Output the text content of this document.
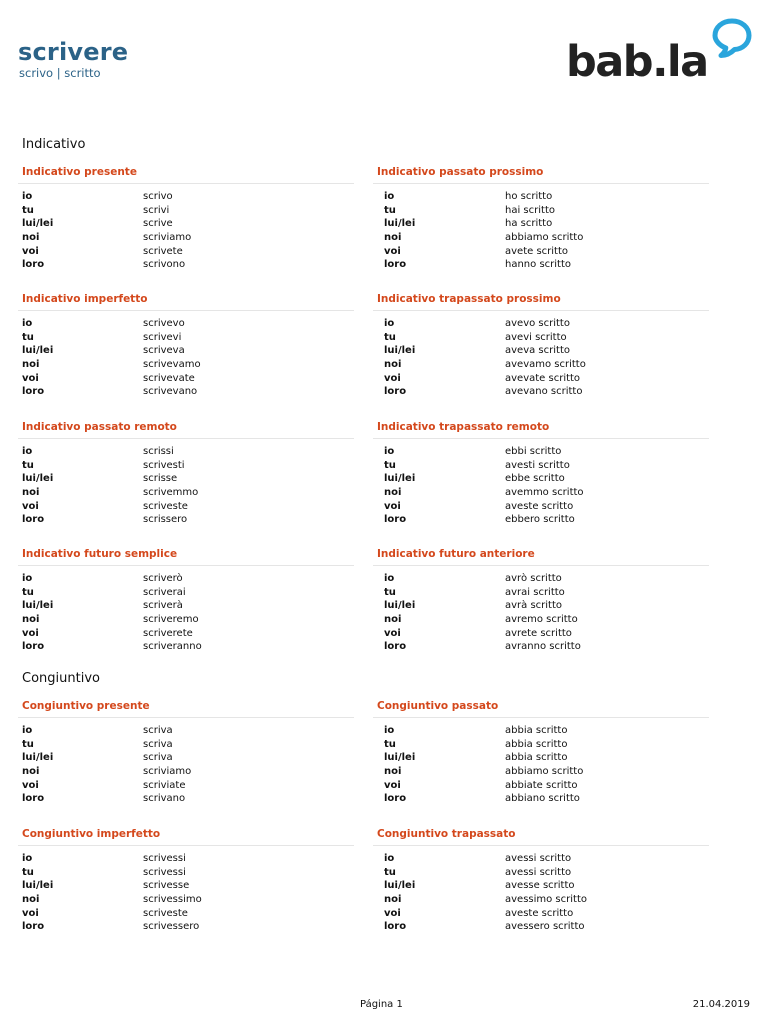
scrivere
scrivo | scritto	bab.la
Indicativo
Indicativo presente
io	scrivo
tu	scrivi
lui/lei	scrive
noi	scriviamo
voi	scrivete
loro	scrivono
Indicativo passato prossimo
io	ho scritto
tu	hai scritto
lui/lei	ha scritto
noi	abbiamo scritto
voi	avete scritto
loro	hanno scritto
Indicativo imperfetto
io	scrivevo
tu	scrivevi
lui/lei	scriveva
noi	scrivevamo
voi	scrivevate
loro	scrivevano
Indicativo trapassato prossimo
io	avevo scritto
tu	avevi scritto
lui/lei	aveva scritto
noi	avevamo scritto
voi	avevate scritto
loro	avevano scritto
Indicativo passato remoto
io	scrissi
tu	scrivesti
lui/lei	scrisse
noi	scrivemmo
voi	scriveste
loro	scrissero
Indicativo trapassato remoto
io	ebbi scritto
tu	avesti scritto
lui/lei	ebbe scritto
noi	avemmo scritto
voi	aveste scritto
loro	ebbero scritto
Indicativo futuro semplice
io	scriverò
tu	scriverai
lui/lei	scriverà
noi	scriveremo
voi	scriverete
loro	scriveranno
Indicativo futuro anteriore
io	avrò scritto
tu	avrai scritto
lui/lei	avrà scritto
noi	avremo scritto
voi	avrete scritto
loro	avranno scritto
Congiuntivo
Congiuntivo presente
io	scriva
tu	scriva
lui/lei	scriva
noi	scriviamo
voi	scriviate
loro	scrivano
Congiuntivo passato
io	abbia scritto
tu	abbia scritto
lui/lei	abbia scritto
noi	abbiamo scritto
voi	abbiate scritto
loro	abbiano scritto
Congiuntivo imperfetto
io	scrivessi
tu	scrivessi
lui/lei	scrivesse
noi	scrivessimo
voi	scriveste
loro	scrivessero
Congiuntivo trapassato
io	avessi scritto
tu	avessi scritto
lui/lei	avesse scritto
noi	avessimo scritto
voi	aveste scritto
loro	avessero scritto
Página 1	21.04.2019
